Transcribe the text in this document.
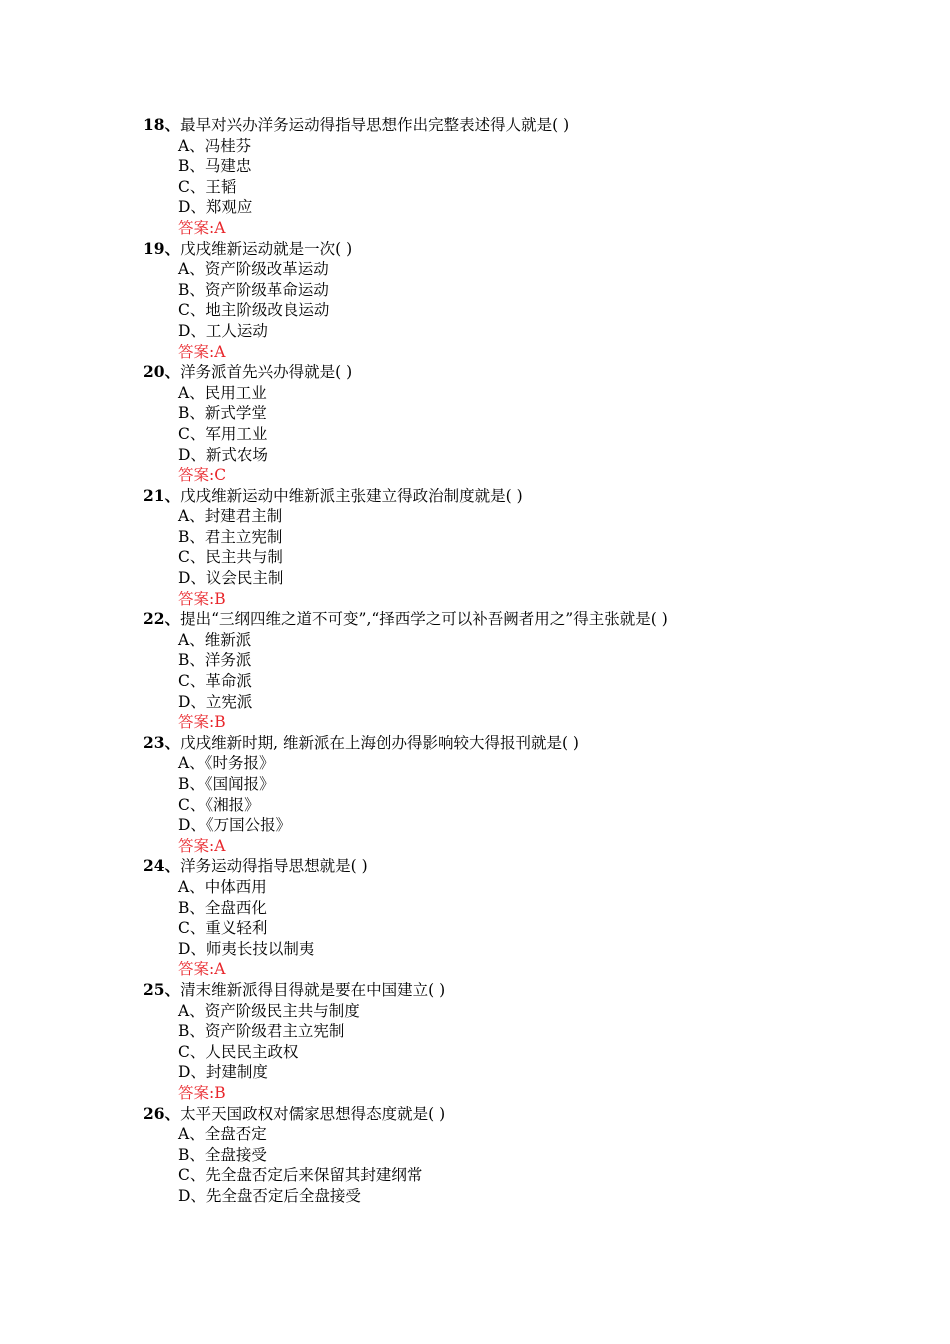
18、最早对兴办洋务运动得指导思想作出完整表述得人就是( )
A、冯桂芬
B、马建忠
C、王韬
D、郑观应
答案:A
19、戊戌维新运动就是一次( )
A、资产阶级改革运动
B、资产阶级革命运动
C、地主阶级改良运动
D、工人运动
答案:A
20、洋务派首先兴办得就是( )
A、民用工业
B、新式学堂
C、军用工业
D、新式农场
答案:C
21、戊戌维新运动中维新派主张建立得政治制度就是( )
A、封建君主制
B、君主立宪制
C、民主共与制
D、议会民主制
答案:B
22、提出“三纲四维之道不可变”,“择西学之可以补吾阙者用之”得主张就是( )
A、维新派
B、洋务派
C、革命派
D、立宪派
答案:B
23、戊戌维新时期, 维新派在上海创办得影响较大得报刊就是( )
A、《时务报》
B、《国闻报》
C、《湘报》
D、《万国公报》
答案:A
24、洋务运动得指导思想就是( )
A、中体西用
B、全盘西化
C、重义轻利
D、师夷长技以制夷
答案:A
25、清末维新派得目得就是要在中国建立( )
A、资产阶级民主共与制度
B、资产阶级君主立宪制
C、人民民主政权
D、封建制度
答案:B
26、太平天国政权对儒家思想得态度就是( )
A、全盘否定
B、全盘接受
C、先全盘否定后来保留其封建纲常
D、先全盘否定后全盘接受
